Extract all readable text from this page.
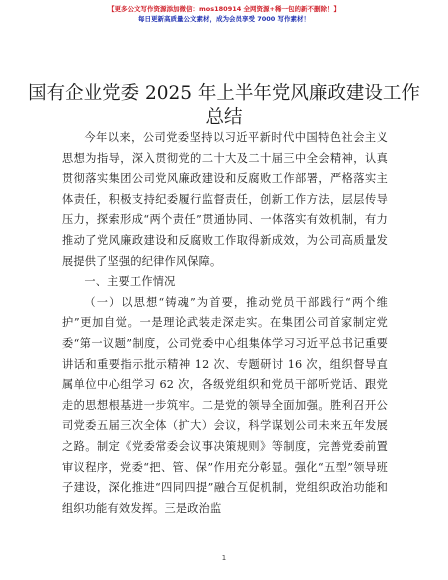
【更多公文写作资源添加微信：mos180914 全网资源+稀一包的新不删除！】
每日更新高质量公文素材，成为会员享受 7000 写作素材！
国有企业党委 2025 年上半年党风廉政建设工作
总结

今年以来，公司党委坚持以习近平新时代中国特色社会主义思想为指导，深入贯彻党的二十大及二十届三中全会精神，认真贯彻落实集团公司党风廉政建设和反腐败工作部署，严格落实主体责任，积极支持纪委履行监督责任，创新工作方法，层层传导压力，探索形成“两个责任”贯通协同、一体落实有效机制，有力推动了党风廉政建设和反腐败工作取得新成效，为公司高质量发展提供了坚强的纪律作风保障。

一、主要工作情况

（一）以思想“铸魂”为首要，推动党员干部践行“两个维护”更加自觉。一是理论武装走深走实。在集团公司首家制定党委“第一议题”制度，公司党委中心组集体学习习近平总书记重要讲话和重要指示批示精神 12 次、专题研讨 16 次，组织督导直属单位中心组学习 62 次，各级党组织和党员干部听党话、跟党走的思想根基进一步筑牢。二是党的领导全面加强。胜利召开公司党委五届三次全体（扩大）会议，科学谋划公司未来五年发展之路。制定《党委常委会议事决策规则》等制度，完善党委前置审议程序，党委“把、管、保”作用充分彰显。强化“五型”领导班子建设，深化推进“四同四提”融合互促机制，党组织政治功能和组织功能有效发挥。三是政治监

1
